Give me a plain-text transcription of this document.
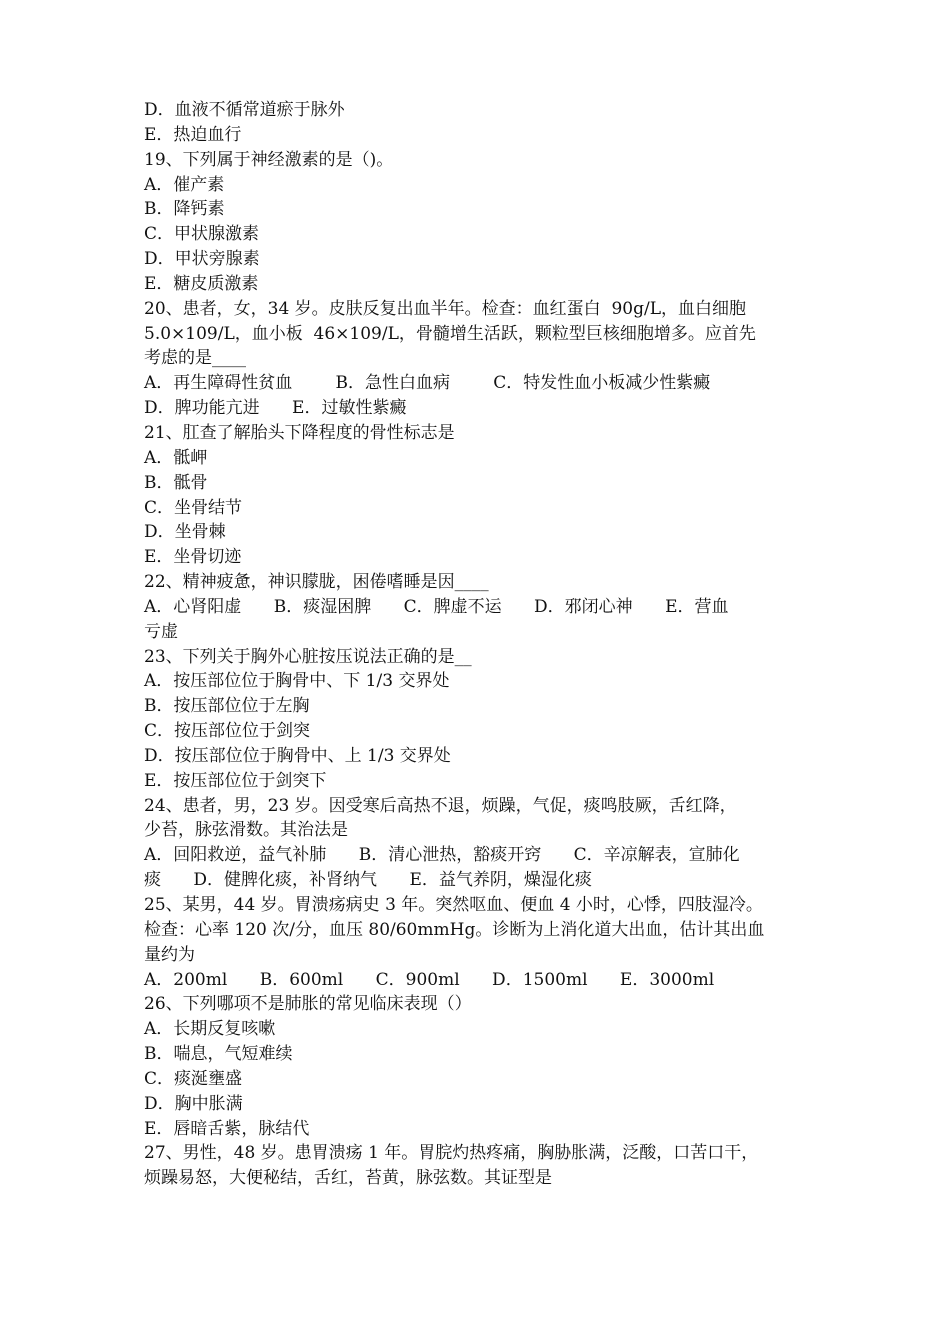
D．血液不循常道瘀于脉外
E．热迫血行
19、下列属于神经激素的是（)。
A．催产素
B．降钙素
C．甲状腺激素
D．甲状旁腺素
E．糖皮质激素
20、患者，女，34 岁。皮肤反复出血半年。检查：血红蛋白  90g/L，血白细胞
5.0×109/L，血小板  46×109/L，骨髓增生活跃，颗粒型巨核细胞增多。应首先
考虑的是____
A．再生障碍性贫血        B．急性白血病        C．特发性血小板减少性紫癜
D．脾功能亢进      E．过敏性紫癜
21、肛查了解胎头下降程度的骨性标志是
A．骶岬
B．骶骨
C．坐骨结节
D．坐骨棘
E．坐骨切迹
22、精神疲惫，神识朦胧，困倦嗜睡是因____
A．心肾阳虚      B．痰湿困脾      C．脾虚不运      D．邪闭心神      E．营血
亏虚
23、下列关于胸外心脏按压说法正确的是__
A．按压部位位于胸骨中、下 1/3 交界处
B．按压部位位于左胸
C．按压部位位于剑突
D．按压部位位于胸骨中、上 1/3 交界处
E．按压部位位于剑突下
24、患者，男，23 岁。因受寒后高热不退，烦躁，气促，痰鸣肢厥，舌红降，
少苔，脉弦滑数。其治法是
A．回阳救逆，益气补肺      B．清心泄热，豁痰开窍      C．辛凉解表，宣肺化
痰      D．健脾化痰，补肾纳气      E．益气养阴，燥湿化痰
25、某男，44 岁。胃溃疡病史 3 年。突然呕血、便血 4 小时，心悸，四肢湿冷。
检查：心率 120 次/分，血压 80/60mmHg。诊断为上消化道大出血，估计其出血
量约为
A．200ml      B．600ml      C．900ml      D．1500ml      E．3000ml
26、下列哪项不是肺胀的常见临床表现（）
A．长期反复咳嗽
B．喘息，气短难续
C．痰涎壅盛
D．胸中胀满
E．唇暗舌紫，脉结代
27、男性，48 岁。患胃溃疡 1 年。胃脘灼热疼痛，胸胁胀满，泛酸，口苦口干，
烦躁易怒，大便秘结，舌红，苔黄，脉弦数。其证型是
